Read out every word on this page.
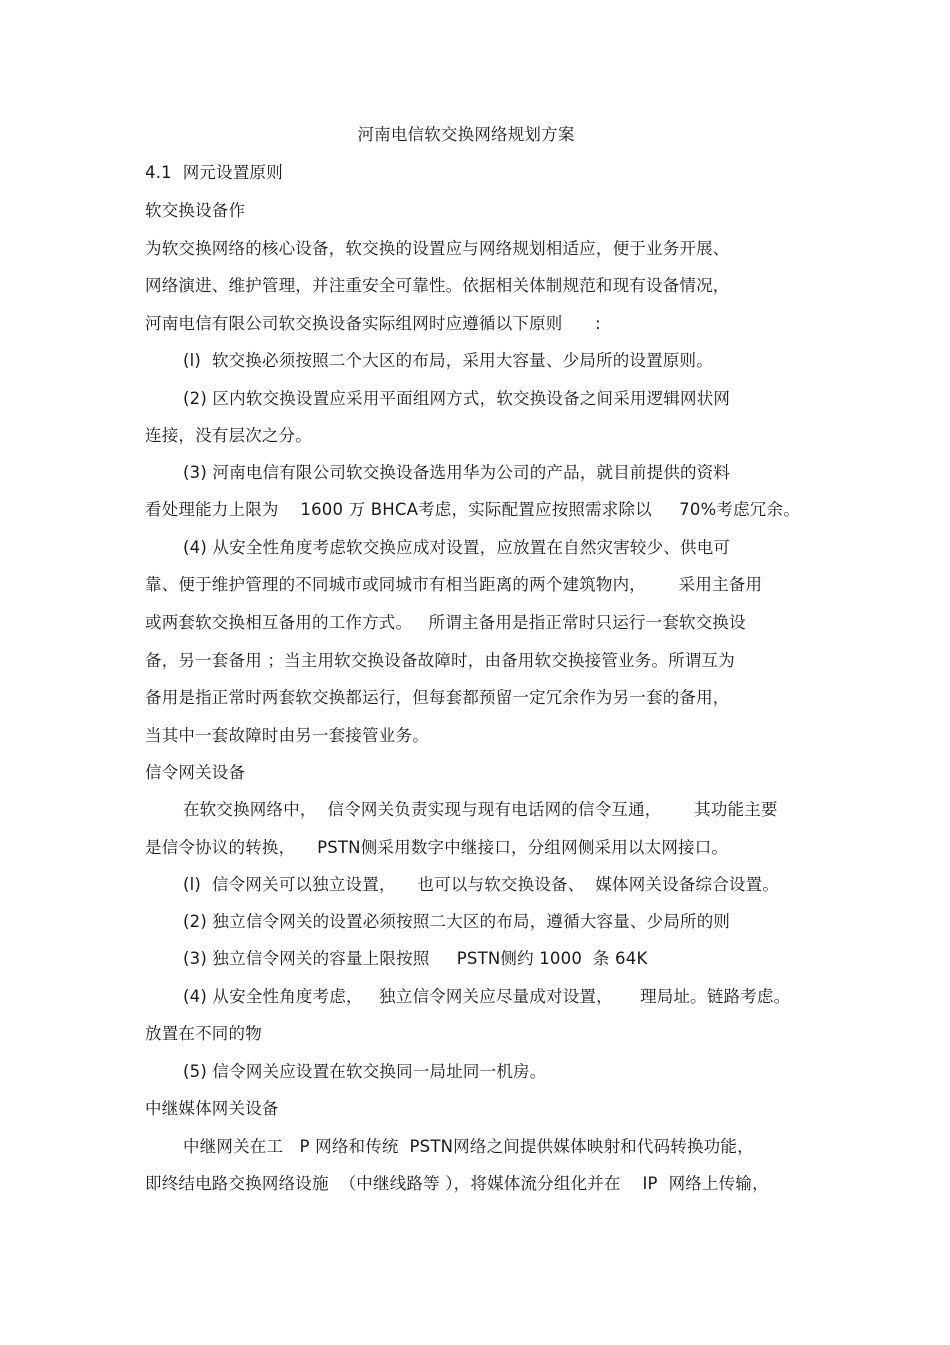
河南电信软交换网络规划方案
4.1  网元设置原则
软交换设备作
为软交换网络的核心设备，软交换的设置应与网络规划相适应，便于业务开展、
网络演进、维护管理，并注重安全可靠性。依据相关体制规范和现有设备情况，
河南电信有限公司软交换设备实际组网时应遵循以下原则      :
(l)  软交换必须按照二个大区的布局，采用大容量、少局所的设置原则。
(2) 区内软交换设置应采用平面组网方式，软交换设备之间采用逻辑网状网
连接，没有层次之分。
(3) 河南电信有限公司软交换设备选用华为公司的产品，就目前提供的资料
看处理能力上限为    1600 万 BHCA考虑，实际配置应按照需求除以     70%考虑冗余。
(4) 从安全性角度考虑软交换应成对设置，应放置在自然灾害较少、供电可
靠、便于维护管理的不同城市或同城市有相当距离的两个建筑物内，      采用主备用
或两套软交换相互备用的工作方式。   所谓主备用是指正常时只运行一套软交换设
备，另一套备用 ；当主用软交换设备故障时，由备用软交换接管业务。所谓互为
备用是指正常时两套软交换都运行，但每套都预留一定冗余作为另一套的备用，
当其中一套故障时由另一套接管业务。
信令网关设备
在软交换网络中，  信令网关负责实现与现有电话网的信令互通，      其功能主要
是信令协议的转换，    PSTN侧采用数字中继接口，分组网侧采用以太网接口。
(l)  信令网关可以独立设置，    也可以与软交换设备、  媒体网关设备综合设置。
(2) 独立信令网关的设置必须按照二大区的布局，遵循大容量、少局所的则
(3) 独立信令网关的容量上限按照     PSTN侧约 1000  条 64K
(4) 从安全性角度考虑，   独立信令网关应尽量成对设置，     理局址。链路考虑。
放置在不同的物
(5) 信令网关应设置在软交换同一局址同一机房。
中继媒体网关设备
中继网关在工   P 网络和传统  PSTN网络之间提供媒体映射和代码转换功能，
即终结电路交换网络设施  （中继线路等 ），将媒体流分组化并在    IP  网络上传输，
